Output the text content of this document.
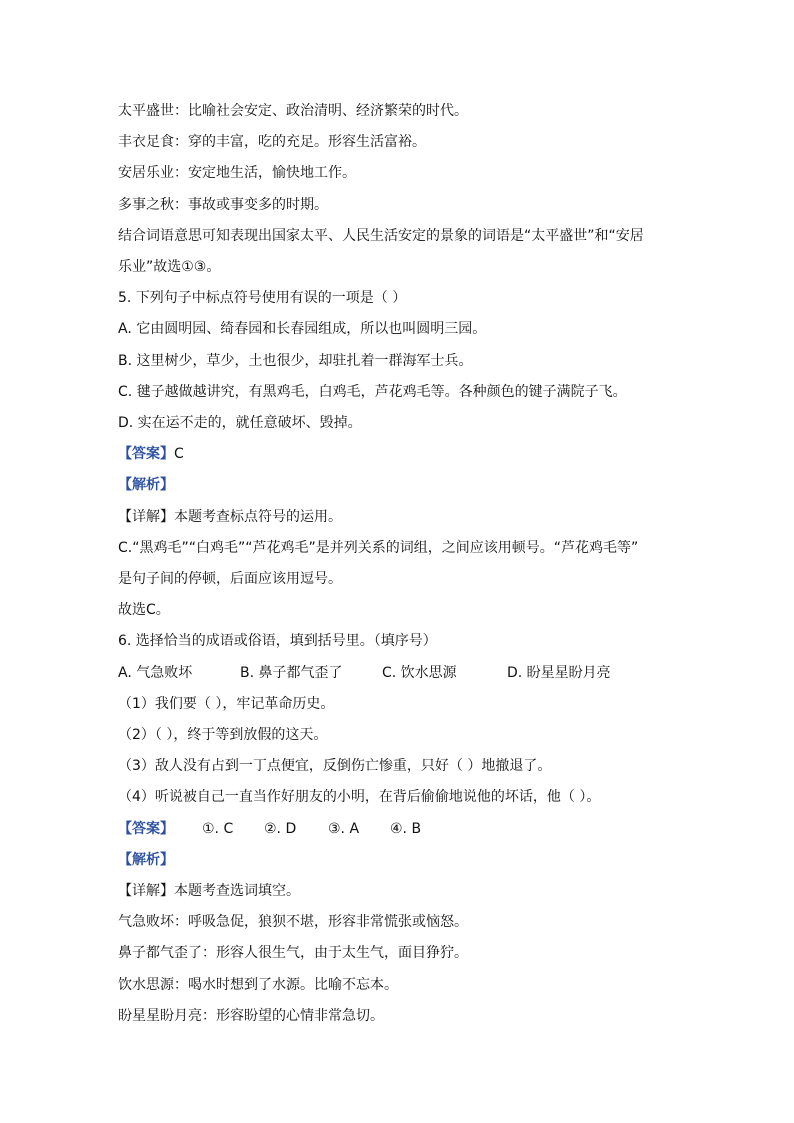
太平盛世：比喻社会安定、政治清明、经济繁荣的时代。
丰衣足食：穿的丰富，吃的充足。形容生活富裕。
安居乐业：安定地生活，愉快地工作。
多事之秋：事故或事变多的时期。
结合词语意思可知表现出国家太平、人民生活安定的景象的词语是“太平盛世”和“安居
乐业”故选①③。
5. 下列句子中标点符号使用有误的一项是（ ）
A. 它由圆明园、绮春园和长春园组成，所以也叫圆明三园。
B. 这里树少，草少，土也很少，却驻扎着一群海军士兵。
C. 毽子越做越讲究，有黑鸡毛，白鸡毛，芦花鸡毛等。各种颜色的键子满院子飞。
D. 实在运不走的，就任意破坏、毁掉。
【答案】C
【解析】
【详解】本题考查标点符号的运用。
C.“黑鸡毛”“白鸡毛”“芦花鸡毛”是并列关系的词组，之间应该用顿号。“芦花鸡毛等”
是句子间的停顿，后面应该用逗号。
故选C。
6. 选择恰当的成语或俗语，填到括号里。（填序号）
A. 气急败坏	B. 鼻子都气歪了	C. 饮水思源	D. 盼星星盼月亮
（1）我们要（ ），牢记革命历史。
（2）（ ），终于等到放假的这天。
（3）敌人没有占到一丁点便宜，反倒伤亡惨重，只好（ ）地撤退了。
（4）听说被自己一直当作好朋友的小明，在背后偷偷地说他的坏话，他（ ）。
【答案】 ①. C ②. D ③. A ④. B
【解析】
【详解】本题考查选词填空。
气急败坏：呼吸急促，狼狈不堪，形容非常慌张或恼怒。
鼻子都气歪了：形容人很生气，由于太生气，面目狰狞。
饮水思源：喝水时想到了水源。比喻不忘本。
盼星星盼月亮：形容盼望的心情非常急切。
